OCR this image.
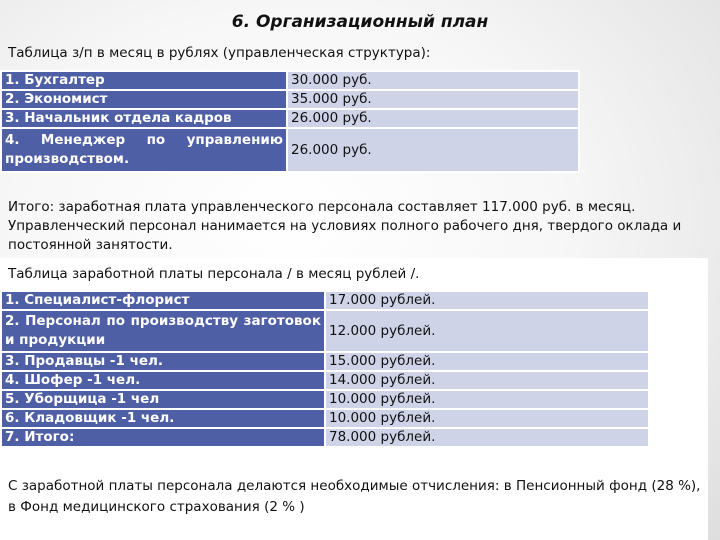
6. Организационный план
Таблица з/п в месяц в рублях (управленческая структура):
1. Бухгалтер	30.000 руб.
2. Экономист	35.000 руб.
3. Начальник отдела кадров	26.000 руб.
4. Менеджер по управлению производством.	26.000 руб.
Итого: заработная плата управленческого персонала составляет 117.000 руб. в месяц. Управленческий персонал нанимается на условиях полного рабочего дня, твердого оклада и постоянной занятости.
Таблица заработной платы персонала / в месяц рублей /.
1. Специалист-флорист	17.000 рублей.
2. Персонал по производству заготовок и продукции	12.000 рублей.
3. Продавцы -1 чел.	15.000 рублей.
4. Шофер -1 чел.	14.000 рублей.
5. Уборщица -1 чел	10.000 рублей.
6. Кладовщик -1 чел.	10.000 рублей.
7. Итого:	78.000 рублей.
С заработной платы персонала делаются необходимые отчисления: в Пенсионный фонд (28 %), в Фонд медицинского страхования (2 % )
